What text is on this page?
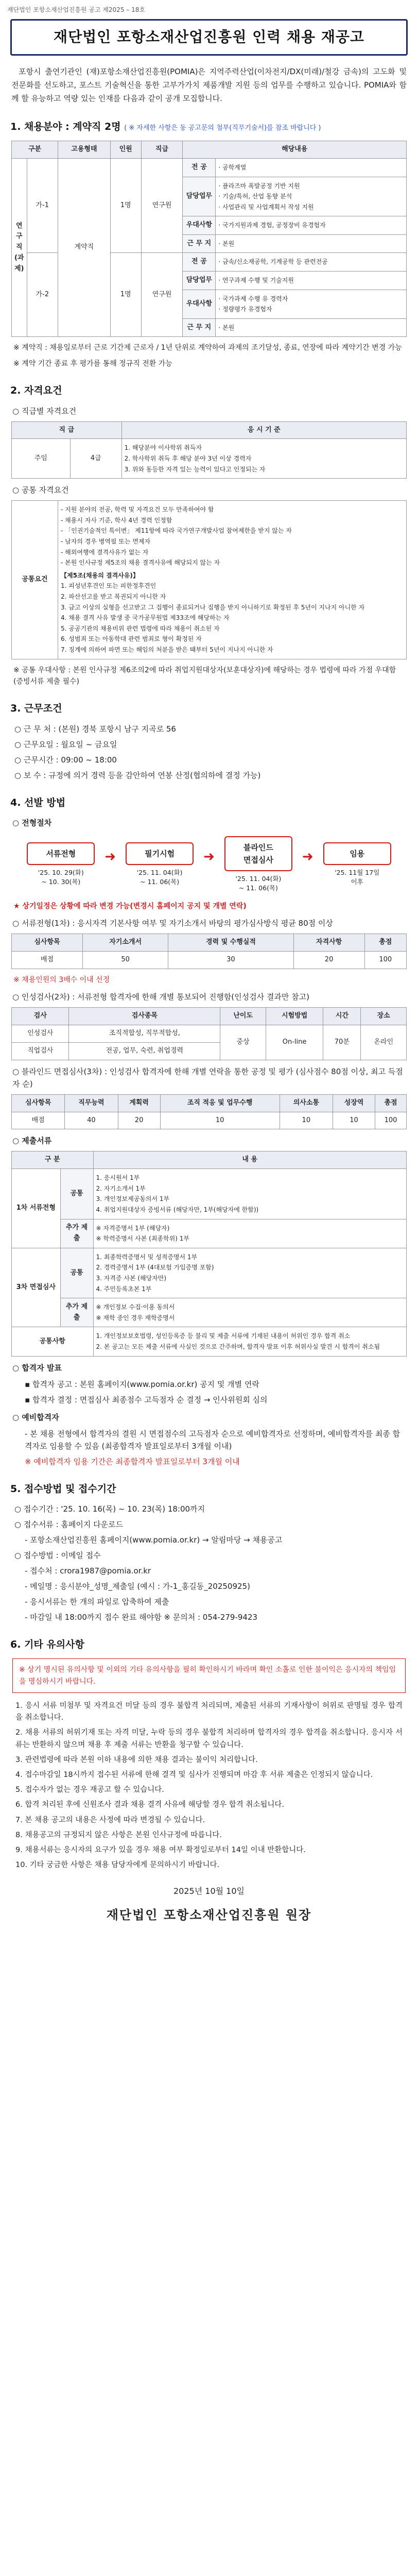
재단법인 포항소재산업진흥원 공고 제2025 – 18호
재단법인 포항소재산업진흥원 인력 채용 재공고

포항시 출연기관인 (재)포항소재산업진흥원(POMIA)은 지역주력산업(이차전지/DX(미래)/철강 금속)의 고도화 및 전문화를 선도하고, 포스트 기술혁신을 통한 고부가가치 제품개발 지원 등의 업무를 수행하고 있습니다. POMIA와 함께 할 유능하고 역량 있는 인재를 다음과 같이 공개 모집합니다.

1. 채용분야 : 계약직 2명 ( ※ 자세한 사항은 동 공고문의 첨부(직무기술서)를 참조 바랍니다 )
구분		고용형태	인원	직급	해당내용	
연구직(과제)	가-1	계약직	1명	연구원	전 공	· 공학계열

					담당업무	· 플라즈마 폭발공정 기반 지원
· 기술/특허, 산업 동향 분석
· 사업관리 및 사업계획서 작성 지원

					우대사항	· 국가지원과제 경험, 공정장비 유경험자

					근 무 지	· 본원

	가-2		1명	연구원	전 공	· 금속/신소재공학, 기계공학 등 관련전공

					담당업무	· 연구과제 수행 및 기술지원

					우대사항	· 국가과제 수행 유 경력자
· 정량평가 유경험자

					근 무 지	· 본원
※ 계약직 : 채용일로부터 근로 기간제 근로자 / 1년 단위로 계약하여 과제의 조기달성, 종료, 연장에 따라 계약기간 변경 가능
※ 계약 기간 종료 후 평가를 통해 정규직 전환 가능
2. 자격요건
○ 직급별 자격요건
직 급		응 시 기 준
주임	4급	1. 해당분야 이사학위 취득자
2. 학사학위 취득 후 해당 분야 3년 이상 경력자
3. 위와 동등한 자격 있는 능력이 있다고 인정되는 자
○ 공통 자격요건
공통요건	
- 지원 분야의 전공, 학력 및 자격요건 모두 만족하여야 함
- 채용시 자사 기준, 학사 4년 경력 인정함
- 「인권기술적인 특이변」 제11항에 따라 국가연구개발사업 참여제한을 받지 않는 자
- 남자의 경우 병역필 또는 면제자
- 해외여행에 결격사유가 없는 자
- 본원 인사규정 제5조의 채용 결격사유에 해당되지 않는 자
【제5조(채용의 결격사유)】
1. 피성년후견인 또는 피한정후견인
2. 파산선고를 받고 복권되지 아니한 자
3. 금고 이상의 실형을 선고받고 그 집행이 종료되거나 집행을 받지 아니하기로 확정된 후 5년이 지나지 아니한 자
4. 채용 결격 사유 발생 중 국가공무원법 제33조에 해당하는 자
5. 공공기관의 채용비위 관련 법령에 따라 채용이 취소된 자
6. 성범죄 또는 아동학대 관련 범죄로 형이 확정된 자
7. 징계에 의하여 파면 또는 해임의 처분을 받은 때부터 5년이 지나지 아니한 자
※ 공통 우대사항 : 본원 인사규정 제6조의2에 따라 취업지원대상자(보훈대상자)에 해당하는 경우 법령에 따라 가점 우대함 (증빙서류 제출 필수)
3. 근무조건
○ 근 무 처 : (본원) 경북 포항시 남구 지곡로 56
○ 근무요일 : 월요일 ~ 금요일
○ 근무시간 : 09:00 ~ 18:00
○ 보 수 : 규정에 의거 경력 등을 감안하여 연봉 산정(협의하에 결정 가능)
4. 선발 방법
○ 전형절차
서류전형
'25. 10. 29(화)
~ 10. 30(목)
➜	필기시험
'25. 11. 04(화)
~ 11. 06(목)
➜
블라인드
면접심사
'25. 11. 04(화)
~ 11. 06(목)
➜	임용
'25. 11월 17일
이후
★ 상기일정은 상황에 따라 변경 가능(변경시 홈페이지 공지 및 개별 연락)
○ 서류전형(1차) : 응시자격 기본사항 여부 및 자기소개서 바탕의 평가심사방식 평균 80점 이상
심사항목	자기소개서	경력 및 수행실적	자격사항	총점
배점	50	30	20	100
※ 채용인원의 3배수 이내 선정
○ 인성검사(2차) : 서류전형 합격자에 한해 개별 통보되어 진행함(인성검사 결과만 참고)
검사	검사종목	난이도	시험방법	시간	장소
인성검사	조직적합성, 직무적합성,	중상	On-line	70분	온라인
직업검사	전공, 업무, 숙련, 취업경력				
○ 블라인드 면접심사(3차) : 인성검사 합격자에 한해 개별 연락을 통한 공정 및 평가 (심사점수 80점 이상, 최고 득점자 순)
심사항목	직무능력	계획력	조직 적응 및 업무수행	의사소통	성장역	총점
배점	40	20	10	10	10	100
○ 제출서류
구 분		내 용
1차 서류전형	공통	1. 응시원서 1부
2. 자기소개서 1부
3. 개인정보제공동의서 1부
4. 취업지원대상자 증빙서류 (해당자만, 1부(해당자에 한함))

	추가 제출	※ 자격증명서 1부 (해당자)
※ 학력증명서 사본 (최종학위) 1부

3차 면접심사	공통	1. 최종학력증명서 및 성적증명서 1부
2. 경력증명서 1부 (4대보험 가입증명 포함)
3. 자격증 사본 (해당자만)
4. 주민등록초본 1부

	추가 제출	※ 개인정보 수집·이용 동의서
※ 재학 중인 경우 재학증명서

공통사항		1. 개인정보보호법령, 성인등록증 등 불리 및 제출 서류에 기재된 내용이 허위인 경우 합격 취소
2. 본 공고는 모든 제출 서류에 사실인 것으로 간주하며, 합격자 발표 이후 허위사실 발견 시 합격이 취소됨
○ 합격자 발표
▪ 합격자 공고 : 본원 홈페이지(www.pomia.or.kr) 공지 및 개별 연락
▪ 합격자 결정 : 면접심사 최종점수 고득점자 순 결정 → 인사위원회 심의
○ 예비합격자
- 본 채용 전형에서 합격자의 결원 시 면접점수의 고득점자 순으로 예비합격자로 선정하며, 예비합격자를 최종 합격자로 임용할 수 있음 (최종합격자 발표일로부터 3개월 이내)
※ 예비합격자 임용 기간은 최종합격자 발표일로부터 3개월 이내
5. 접수방법 및 접수기간
○ 접수기간 : '25. 10. 16(목) ~ 10. 23(목) 18:00까지
○ 접수서류 : 홈페이지 다운로드
- 포항소재산업진흥원 홈페이지(www.pomia.or.kr) → 알림마당 → 채용공고
○ 접수방법 : 이메일 접수
- 접수처 : crora1987@pomia.or.kr
- 메일명 : 응시분야_성명_제출일 (예시 : 가-1_홍길동_20250925)
- 응시서류는 한 개의 파일로 압축하여 제출
- 마감일 내 18:00까지 접수 완료 해야함 ※ 문의처 : 054-279-9423
6. 기타 유의사항
※ 상기 명시된 유의사항 및 이외의 기타 유의사항을 필히 확인하시기 바라며 확인 소홀로 인한 불이익은 응시자의 책임임을 명심하시기 바랍니다.
1. 응시 서류 미첨부 및 자격요건 미달 등의 경우 불합격 처리되며, 제출된 서류의 기재사항이 허위로 판명될 경우 합격을 취소합니다.
2. 채용 서류의 허위기재 또는 자격 미달, 누락 등의 경우 불합격 처리하며 합격자의 경우 합격을 취소합니다. 응시자 서류는 반환하지 않으며 채용 후 제출 서류는 반환을 청구할 수 있습니다.
3. 관련법령에 따라 본원 이하 내용에 의한 채용 결과는 불이익 처리합니다.
4. 접수마감일 18시까지 접수된 서류에 한해 결격 및 심사가 진행되며 마감 후 서류 제출은 인정되지 않습니다.
5. 접수자가 없는 경우 재공고 할 수 있습니다.
6. 합격 처리된 후에 신원조사 결과 채용 결격 사유에 해당할 경우 합격 취소됩니다.
7. 본 채용 공고의 내용은 사정에 따라 변경될 수 있습니다.
8. 채용공고의 규정되지 않은 사항은 본원 인사규정에 따릅니다.
9. 채용서류는 응시자의 요구가 있을 경우 채용 여부 확정일로부터 14일 이내 반환합니다.
10. 기타 궁금한 사항은 채용 담당자에게 문의하시기 바랍니다.
2025년 10월 10일
재단법인 포항소재산업진흥원 원장
